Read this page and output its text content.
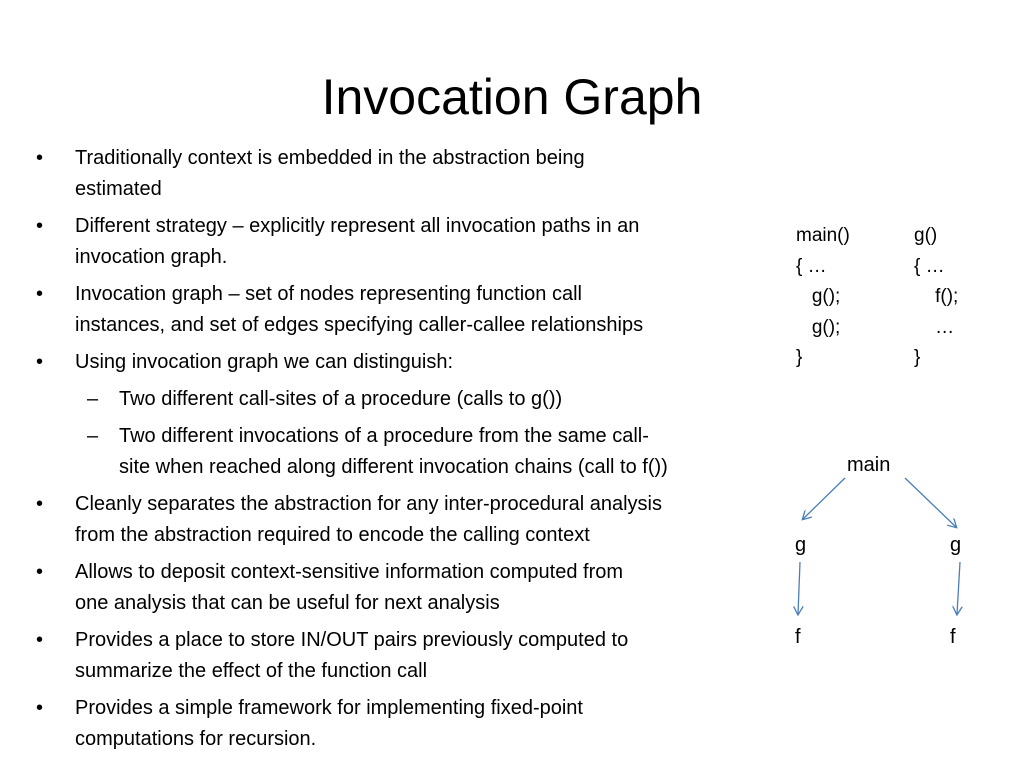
Invocation Graph
•	Traditionally context is embedded in the abstraction being
estimated
•	Different strategy – explicitly represent all invocation paths in an
invocation graph.
•	Invocation graph – set of nodes representing function call
instances, and set of edges specifying caller-callee relationships
•	Using invocation graph we can distinguish:
– Two different call-sites of a procedure (calls to g())
– Two different invocations of a procedure from the same call-
site when reached along different invocation chains (call to f())
•	Cleanly separates the abstraction for any inter-procedural analysis
from the abstraction required to encode the calling context
•	Allows to deposit context-sensitive information computed from
one analysis that can be useful for next analysis
•	Provides a place to store IN/OUT pairs previously computed to
summarize the effect of the function call
•	Provides a simple framework for implementing fixed-point
computations for recursion.
main()
{ …
g();
g();
}
g()
{ …
f();
…
}
main
g	g
f	f
